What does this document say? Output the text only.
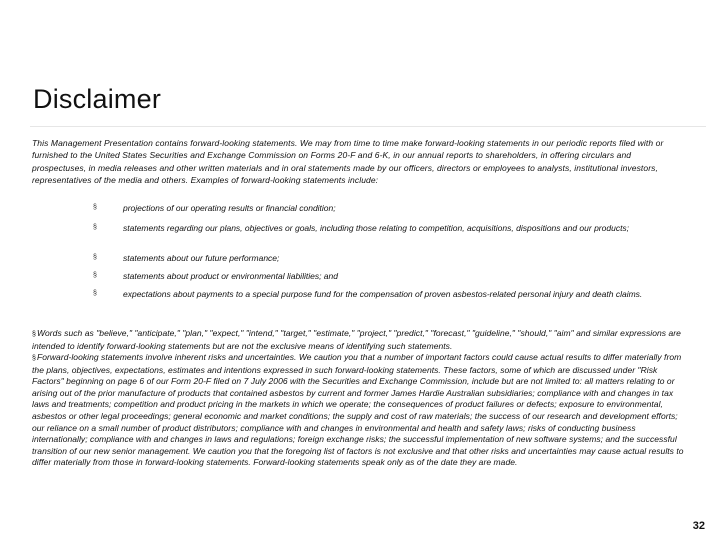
Disclaimer
This Management Presentation contains forward-looking statements. We may from time to time make forward-looking statements in our periodic reports filed with or furnished to the United States Securities and Exchange Commission on Forms 20-F and 6-K, in our annual reports to shareholders, in offering circulars and prospectuses, in media releases and other written materials and in oral statements made by our officers, directors or employees to analysts, institutional investors, representatives of the media and others. Examples of forward-looking statements include:
§	projections of our operating results or financial condition;
§	statements regarding our plans, objectives or goals, including those relating to competition, acquisitions, dispositions and our products;
§	statements about our future performance;
§	statements about product or environmental liabilities; and
§	expectations about payments to a special purpose fund for the compensation of proven asbestos-related personal injury and death claims.
§Words such as "believe," "anticipate," "plan," "expect," "intend," "target," "estimate," "project," "predict," "forecast," "guideline," "should," "aim" and similar expressions are intended to identify forward-looking statements but are not the exclusive means of identifying such statements.
§Forward-looking statements involve inherent risks and uncertainties. We caution you that a number of important factors could cause actual results to differ materially from the plans, objectives, expectations, estimates and intentions expressed in such forward-looking statements. These factors, some of which are discussed under "Risk Factors" beginning on page 6 of our Form 20-F filed on 7 July 2006 with the Securities and Exchange Commission, include but are not limited to: all matters relating to or arising out of the prior manufacture of products that contained asbestos by current and former James Hardie Australian subsidiaries; compliance with and changes in tax laws and treatments; competition and product pricing in the markets in which we operate; the consequences of product failures or defects; exposure to environmental, asbestos or other legal proceedings; general economic and market conditions; the supply and cost of raw materials; the success of our research and development efforts; our reliance on a small number of product distributors; compliance with and changes in environmental and health and safety laws; risks of conducting business internationally; compliance with and changes in laws and regulations; foreign exchange risks; the successful implementation of new software systems; and the successful transition of our new senior management. We caution you that the foregoing list of factors is not exclusive and that other risks and uncertainties may cause actual results to differ materially from those in forward-looking statements. Forward-looking statements speak only as of the date they are made.
32
